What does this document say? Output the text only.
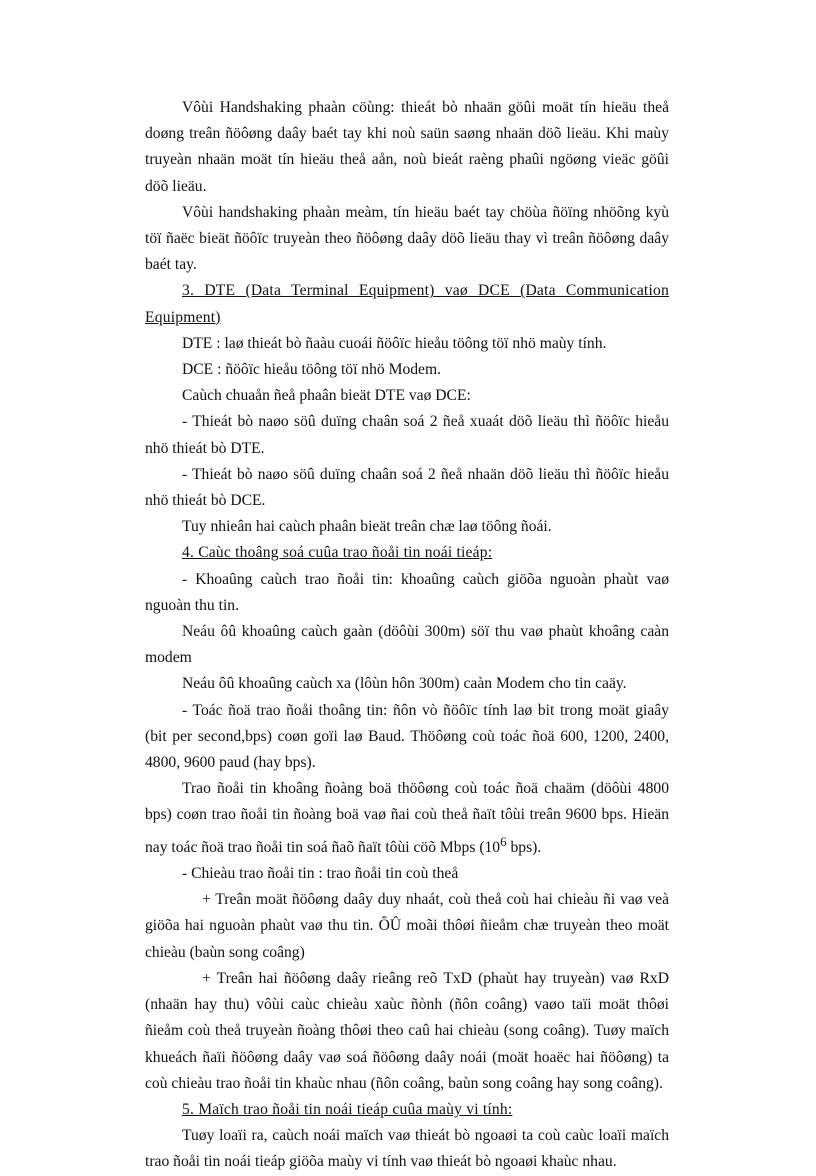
Vôùi Handshaking phaàn cöùng: thieát bò nhaän göûi moät tín hieäu theå doøng treân ñöôøng daây baét tay khi noù saün saøng nhaän döõ lieäu. Khi maùy truyeàn nhaän moät tín hieäu theå aån, noù bieát raèng phaûi ngöøng vieäc göûi döõ lieäu.

Vôùi handshaking phaàn meàm, tín hieäu baét tay chöùa ñöïng nhöõng kyù töï ñaëc bieät ñöôïc truyeàn theo ñöôøng daây döõ lieäu thay vì treân ñöôøng daây baét tay.

3. DTE (Data Terminal Equipment) vaø DCE (Data Communication Equipment)

DTE : laø thieát bò ñaàu cuoái ñöôïc hieåu töông töï nhö maùy tính.

DCE : ñöôïc hieåu töông töï nhö Modem.

Caùch chuaån ñeå phaân bieät DTE vaø DCE:

- Thieát bò naøo söû duïng chaân soá 2 ñeå xuaát döõ lieäu thì ñöôïc hieåu nhö thieát bò DTE.

- Thieát bò naøo söû duïng chaân soá 2 ñeå nhaän döõ lieäu thì ñöôïc hieåu nhö thieát bò DCE.

Tuy nhieân hai caùch phaân bieät treân chæ laø töông ñoái.

4. Caùc thoâng soá cuûa trao ñoåi tin noái tieáp:

- Khoaûng caùch trao ñoåi tin: khoaûng caùch giöõa nguoàn phaùt vaø nguoàn thu tin.

Neáu ôû khoaûng caùch gaàn (döôùi 300m) söï thu vaø phaùt khoâng caàn modem

Neáu ôû khoaûng caùch xa (lôùn hôn 300m) caàn Modem cho tin caäy.

- Toác ñoä trao ñoåi thoâng tin: ñôn vò ñöôïc tính laø bit trong moät giaây (bit per second,bps) coøn goïi laø Baud. Thöôøng coù toác ñoä 600, 1200, 2400, 4800, 9600 paud (hay bps).

Trao ñoåi tin khoâng ñoàng boä thöôøng coù toác ñoä chaäm (döôùi 4800 bps) coøn trao ñoåi tin ñoàng boä vaø ñai coù theå ñaït tôùi treân 9600 bps. Hieän nay toác ñoä trao ñoåi tin soá ñaõ ñaït tôùi cöõ Mbps ($10^6$ bps).

- Chieàu trao ñoåi tin : trao ñoåi tin coù theå

+ Treân moät ñöôøng daây duy nhaát, coù theå coù hai chieàu ñi vaø veà giöõa hai nguoàn phaùt vaø thu tin. ÔÛ moãi thôøi ñieåm chæ truyeàn theo moät chieàu (baùn song coâng)

+ Treân hai ñöôøng daây rieâng reõ TxD (phaùt hay truyeàn) vaø RxD (nhaän hay thu) vôùi caùc chieàu xaùc ñònh (ñôn coâng) vaøo taïi moät thôøi ñieåm coù theå truyeàn ñoàng thôøi theo caû hai chieàu (song coâng). Tuøy maïch khueách ñaïi ñöôøng daây vaø soá ñöôøng daây noái (moät hoaëc hai ñöôøng) ta coù chieàu trao ñoåi tin khaùc nhau (ñôn coâng, baùn song coâng hay song coâng).

5. Maïch trao ñoåi tin noái tieáp cuûa maùy vi tính:

Tuøy loaïi ra, caùch noái maïch vaø thieát bò ngoaøi ta coù caùc loaïi maïch trao ñoåi tin noái tieáp giöõa maùy vi tính vaø thieát bò ngoaøi khaùc nhau.
